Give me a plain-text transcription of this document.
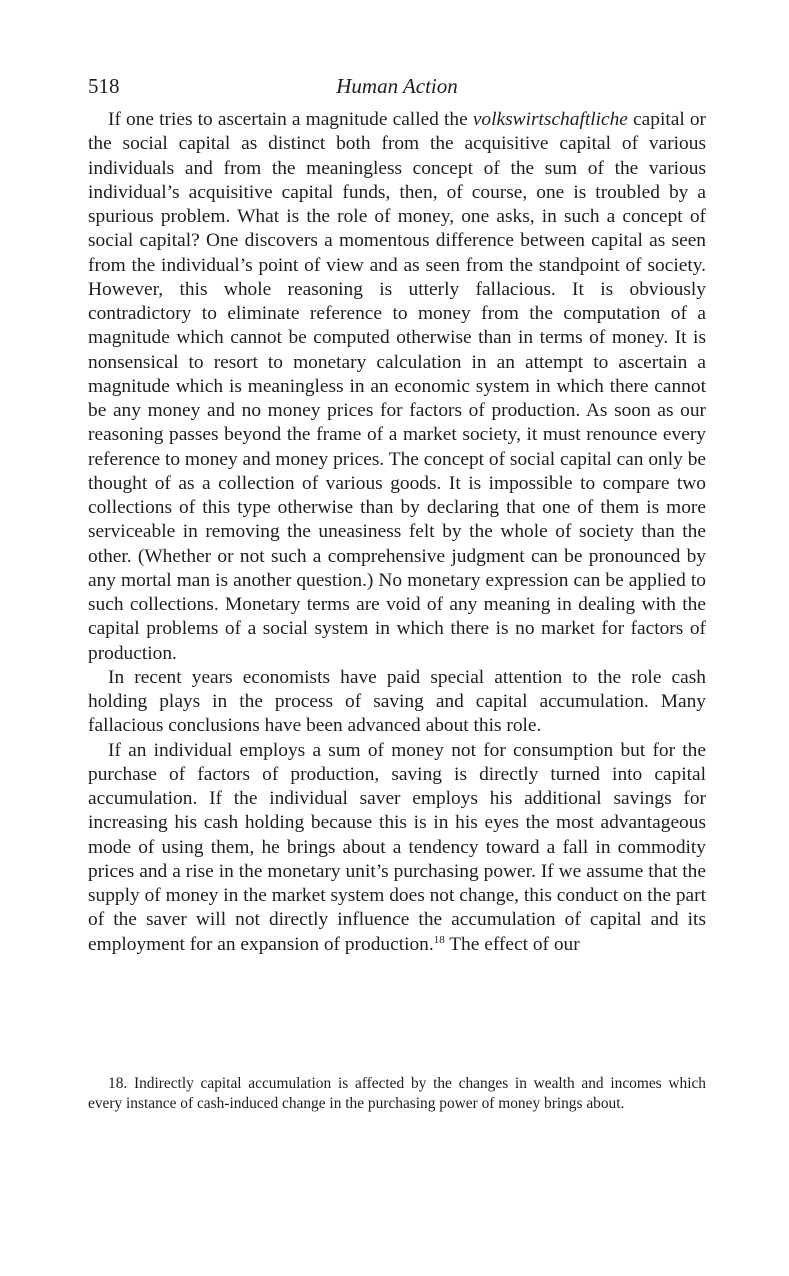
518	Human Action

If one tries to ascertain a magnitude called the volkswirtschaftliche capital or the social capital as distinct both from the acquisitive capital of various individuals and from the meaningless concept of the sum of the various individual’s acquisitive capital funds, then, of course, one is troubled by a spurious problem. What is the role of money, one asks, in such a concept of social capital? One discovers a momentous difference between capital as seen from the individual’s point of view and as seen from the standpoint of society. However, this whole reasoning is utterly fallacious. It is obviously contradictory to eliminate reference to money from the computation of a magnitude which cannot be computed otherwise than in terms of money. It is nonsensical to resort to monetary calculation in an attempt to ascertain a magnitude which is meaningless in an economic system in which there cannot be any money and no money prices for factors of production. As soon as our reasoning passes beyond the frame of a market society, it must renounce every reference to money and money prices. The concept of social capital can only be thought of as a collection of various goods. It is impossible to compare two collections of this type otherwise than by declaring that one of them is more serviceable in removing the uneasiness felt by the whole of society than the other. (Whether or not such a comprehensive judgment can be pronounced by any mortal man is another question.) No monetary expression can be applied to such collections. Monetary terms are void of any meaning in dealing with the capital problems of a social system in which there is no market for factors of production.

In recent years economists have paid special attention to the role cash holding plays in the process of saving and capital accumulation. Many fallacious conclusions have been advanced about this role.

If an individual employs a sum of money not for consumption but for the purchase of factors of production, saving is directly turned into capital accumulation. If the individual saver employs his additional savings for increasing his cash holding because this is in his eyes the most advantageous mode of using them, he brings about a tendency toward a fall in commodity prices and a rise in the monetary unit’s purchasing power. If we assume that the supply of money in the market system does not change, this conduct on the part of the saver will not directly influence the accumulation of capital and its employment for an expansion of production.$^{18}$ The effect of our

18. Indirectly capital accumulation is affected by the changes in wealth and incomes which every instance of cash-induced change in the purchasing power of money brings about.
